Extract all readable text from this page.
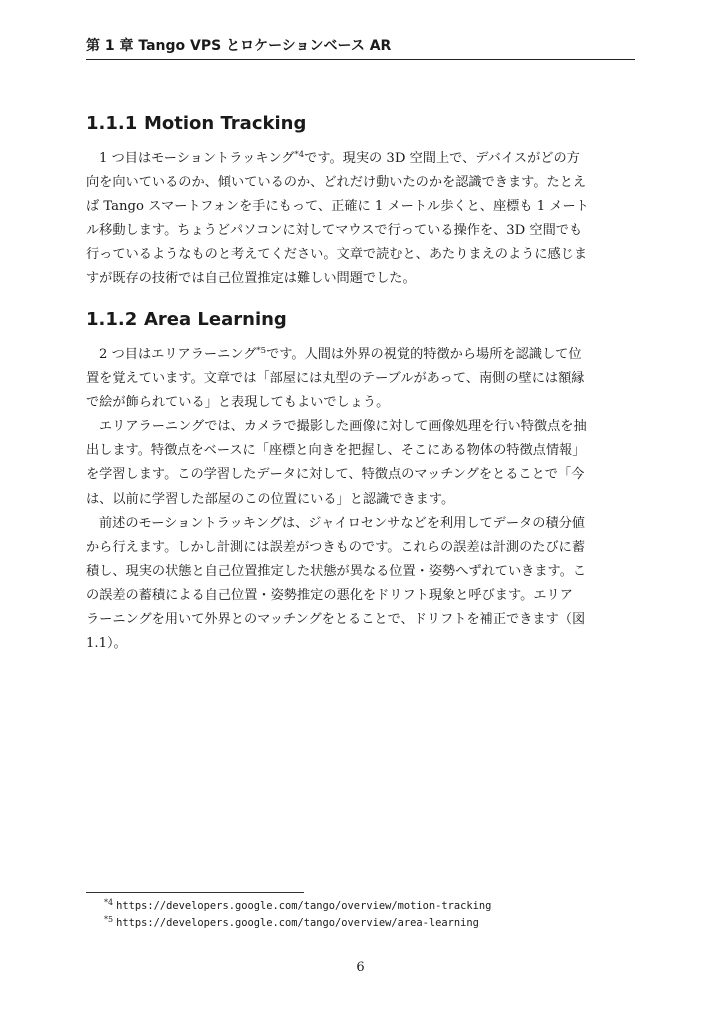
第 1 章 Tango VPS とロケーションベース AR
1.1.1 Motion Tracking

1 つ目はモーショントラッキング$^{*4}$です。現実の 3D 空間上で、デバイスがどの方
向を向いているのか、傾いているのか、どれだけ動いたのかを認識できます。たとえ
ば Tango スマートフォンを手にもって、正確に 1 メートル歩くと、座標も 1 メート
ル移動します。ちょうどパソコンに対してマウスで行っている操作を、3D 空間でも
行っているようなものと考えてください。文章で読むと、あたりまえのように感じま
すが既存の技術では自己位置推定は難しい問題でした。

1.1.2 Area Learning

2 つ目はエリアラーニング$^{*5}$です。人間は外界の視覚的特徴から場所を認識して位
置を覚えています。文章では「部屋には丸型のテーブルがあって、南側の壁には額縁
で絵が飾られている」と表現してもよいでしょう。

エリアラーニングでは、カメラで撮影した画像に対して画像処理を行い特徴点を抽
出します。特徴点をベースに「座標と向きを把握し、そこにある物体の特徴点情報」
を学習します。この学習したデータに対して、特徴点のマッチングをとることで「今
は、以前に学習した部屋のこの位置にいる」と認識できます。

前述のモーショントラッキングは、ジャイロセンサなどを利用してデータの積分値
から行えます。しかし計測には誤差がつきものです。これらの誤差は計測のたびに蓄
積し、現実の状態と自己位置推定した状態が異なる位置・姿勢へずれていきます。こ
の誤差の蓄積による自己位置・姿勢推定の悪化をドリフト現象と呼びます。エリア
ラーニングを用いて外界とのマッチングをとることで、ドリフトを補正できます（図
1.1）。

$^{*4}$ https://developers.google.com/tango/overview/motion-tracking
$^{*5}$ https://developers.google.com/tango/overview/area-learning
6
